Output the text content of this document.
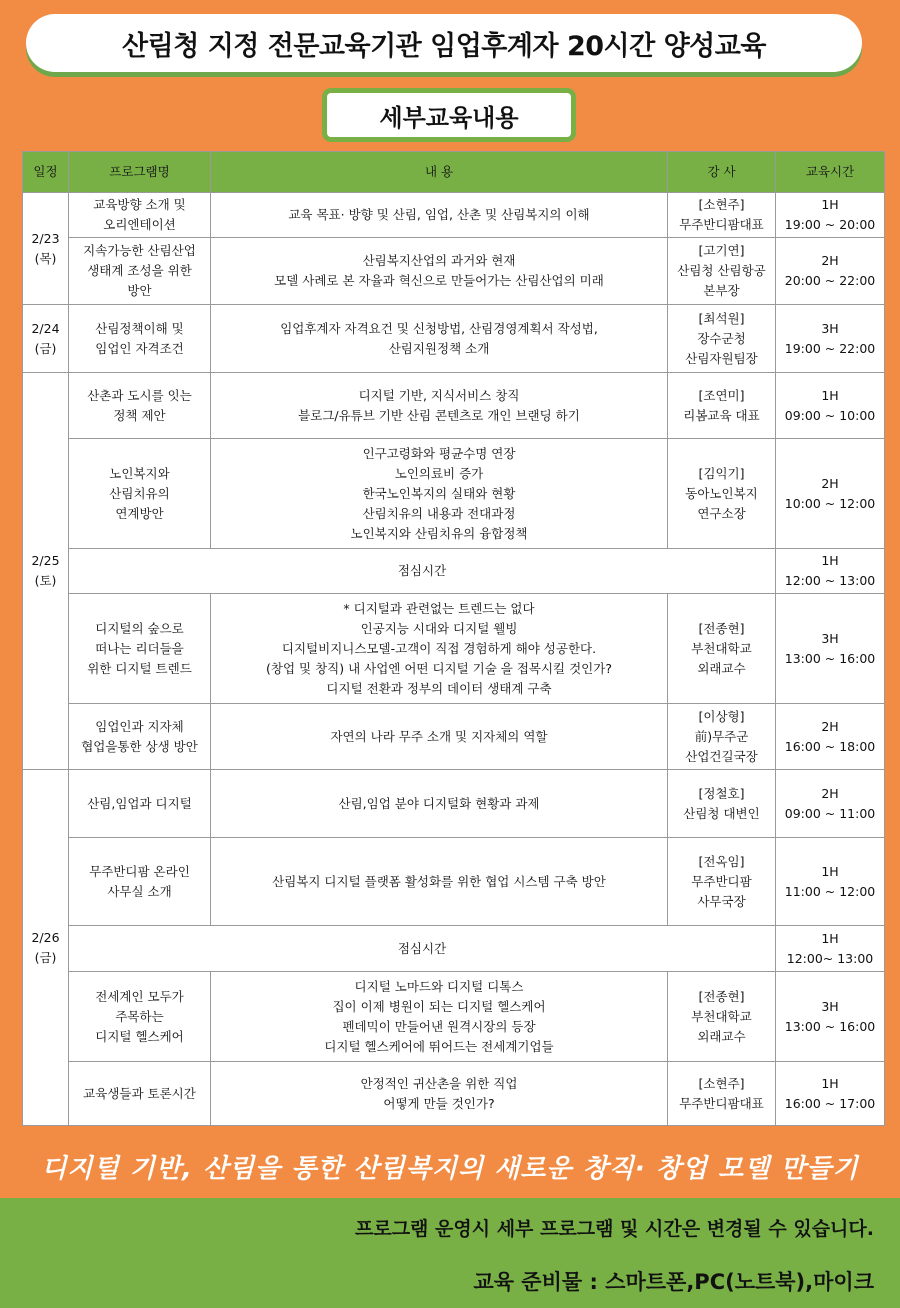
산림청 지정 전문교육기관 임업후계자 20시간 양성교육
세부교육내용
일정	프로그램명	내 용	강 사	교육시간

2/23
(목)	교육방향 소개 및
오리엔테이션	교육 목표· 방향 및 산림, 임업, 산촌 및 산림복지의 이해	[소현주]
무주반디팜대표	1H
19:00 ~ 20:00

	지속가능한 산림산업
생태계 조성을 위한
방안	산림복지산업의 과거와 현재
모델 사례로 본 자율과 혁신으로 만들어가는 산림산업의 미래	[고기연]
산림청 산림항공
본부장	2H
20:00 ~ 22:00

2/24
(금)	산림정책이해 및
임업인 자격조건	임업후계자 자격요건 및 신청방법, 산림경영계획서 작성법,
산림지원정책 소개	[최석원]
장수군청
산림자원팀장	3H
19:00 ~ 22:00

2/25
(토)	산촌과 도시를 잇는
정책 제안	디지털 기반, 지식서비스 창직
블로그/유튜브 기반 산림 콘텐츠로 개인 브랜딩 하기	[조연미]
리봄교육 대표	1H
09:00 ~ 10:00

	노인복지와
산림치유의
연계방안	인구고령화와 평균수명 연장
노인의료비 증가
한국노인복지의 실태와 현황
산림치유의 내용과 전대과정
노인복지와 산림치유의 융합정책	[김익기]
동아노인복지
연구소장	2H
10:00 ~ 12:00

	점심시간			1H
12:00 ~ 13:00

	디지털의 숲으로
떠나는 리더들을
위한 디지털 트렌드	* 디지털과 관련없는 트렌드는 없다
인공지능 시대와 디지털 웰빙
디지털비지니스모델-고객이 직접 경험하게 해야 성공한다.
(창업 및 창직) 내 사업엔 어떤 디지털 기술 을 접목시킬 것인가?
디지털 전환과 정부의 데이터 생태계 구축	[전종현]
부천대학교
외래교수	3H
13:00 ~ 16:00

	임업인과 지자체
협업을통한 상생 방안	자연의 나라 무주 소개 및 지자체의 역할	[이상형]
前)무주군
산업건길국장	2H
16:00 ~ 18:00

2/26
(금)	산림,임업과 디지털	산림,임업 분야 디지털화 현황과 과제	[정철호]
산림청 대변인	2H
09:00 ~ 11:00

	무주반디팜 온라인
사무실 소개	산림복지 디지털 플랫폼 활성화를 위한 협업 시스템 구축 방안	[전옥임]
무주반디팜
사무국장	1H
11:00 ~ 12:00

	점심시간			1H
12:00~ 13:00

	전세계인 모두가
주목하는
디지털 헬스케어	디지털 노마드와 디지털 디톡스
집이 이제 병원이 되는 디지털 헬스케어
펜데믹이 만들어낸 원격시장의 등장
디지털 헬스케어에 뛰어드는 전세계기업들	[전종현]
부천대학교
외래교수	3H
13:00 ~ 16:00

	교육생들과 토론시간	안정적인 귀산촌을 위한 직업
어떻게 만들 것인가?	[소현주]
무주반디팜대표	1H
16:00 ~ 17:00
디지털 기반, 산림을 통한 산림복지의 새로운 창직· 창업 모델 만들기
프로그램 운영시 세부 프로그램 및 시간은 변경될 수 있습니다.
교육 준비물 : 스마트폰,PC(노트북),마이크
